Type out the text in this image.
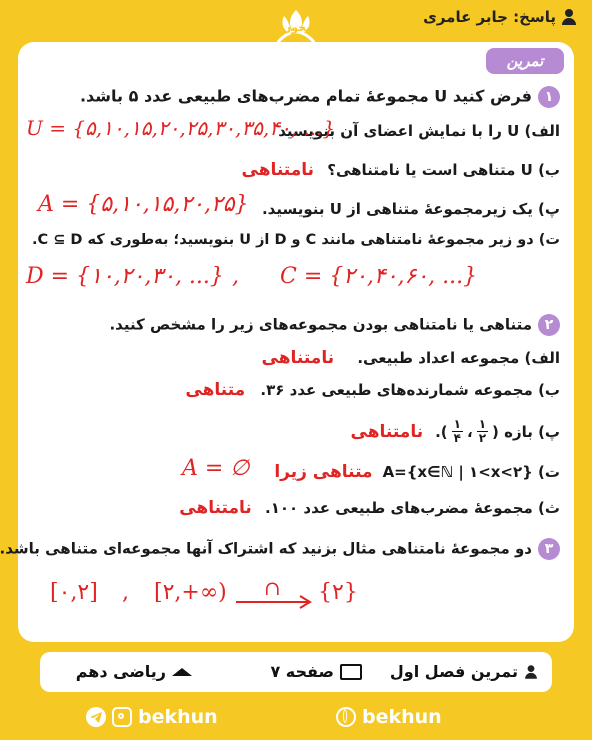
پاسخ: جابر عامری
بخون
تمرین
۱فرض کنید U مجموعهٔ تمام مضرب‌های طبیعی عدد ۵ باشد.
الف) U را با نمایش اعضای آن بنویسید
U = {۵,۱۰,۱۵,۲۰,۲۵,۳۰,۳۵,۴۰, ...}
ب) U متناهی است یا نامتناهی؟ نامتناهی
پ) یک زیرمجموعهٔ متناهی از U بنویسید.
A = {۵,۱۰,۱۵,۲۰,۲۵}
ت) دو زیر مجموعهٔ نامتناهی مانند C و D از U بنویسید؛ به‌طوری که C ⊆ D.
D = {۱۰,۲۰,۳۰, ...} , C = {۲۰,۴۰,۶۰, ...}
۲متناهی یا نامتناهی بودن مجموعه‌های زیر را مشخص کنید.
الف) مجموعه اعداد طبیعی. نامتناهی
ب) مجموعه شمارنده‌های طبیعی عدد ۳۶. متناهی
پ) بازه (
۱
۲
،
۱
۴
).
نامتناهی
ت) {A={x∈ℕ | ۱<x<۲
متناهی زیرا
A = ∅
ث) مجموعهٔ مضرب‌های طبیعی عدد ۱۰۰. نامتناهی
۳دو مجموعهٔ نامتناهی مثال بزنید که اشتراک آنها مجموعه‌ای متناهی باشد.
[۰,۲] , [۲,+∞) ∩ {۲}
تمرین فصل اول
صفحه ۷
ریاضی دهم
bekhunofficial	bekhun.com
